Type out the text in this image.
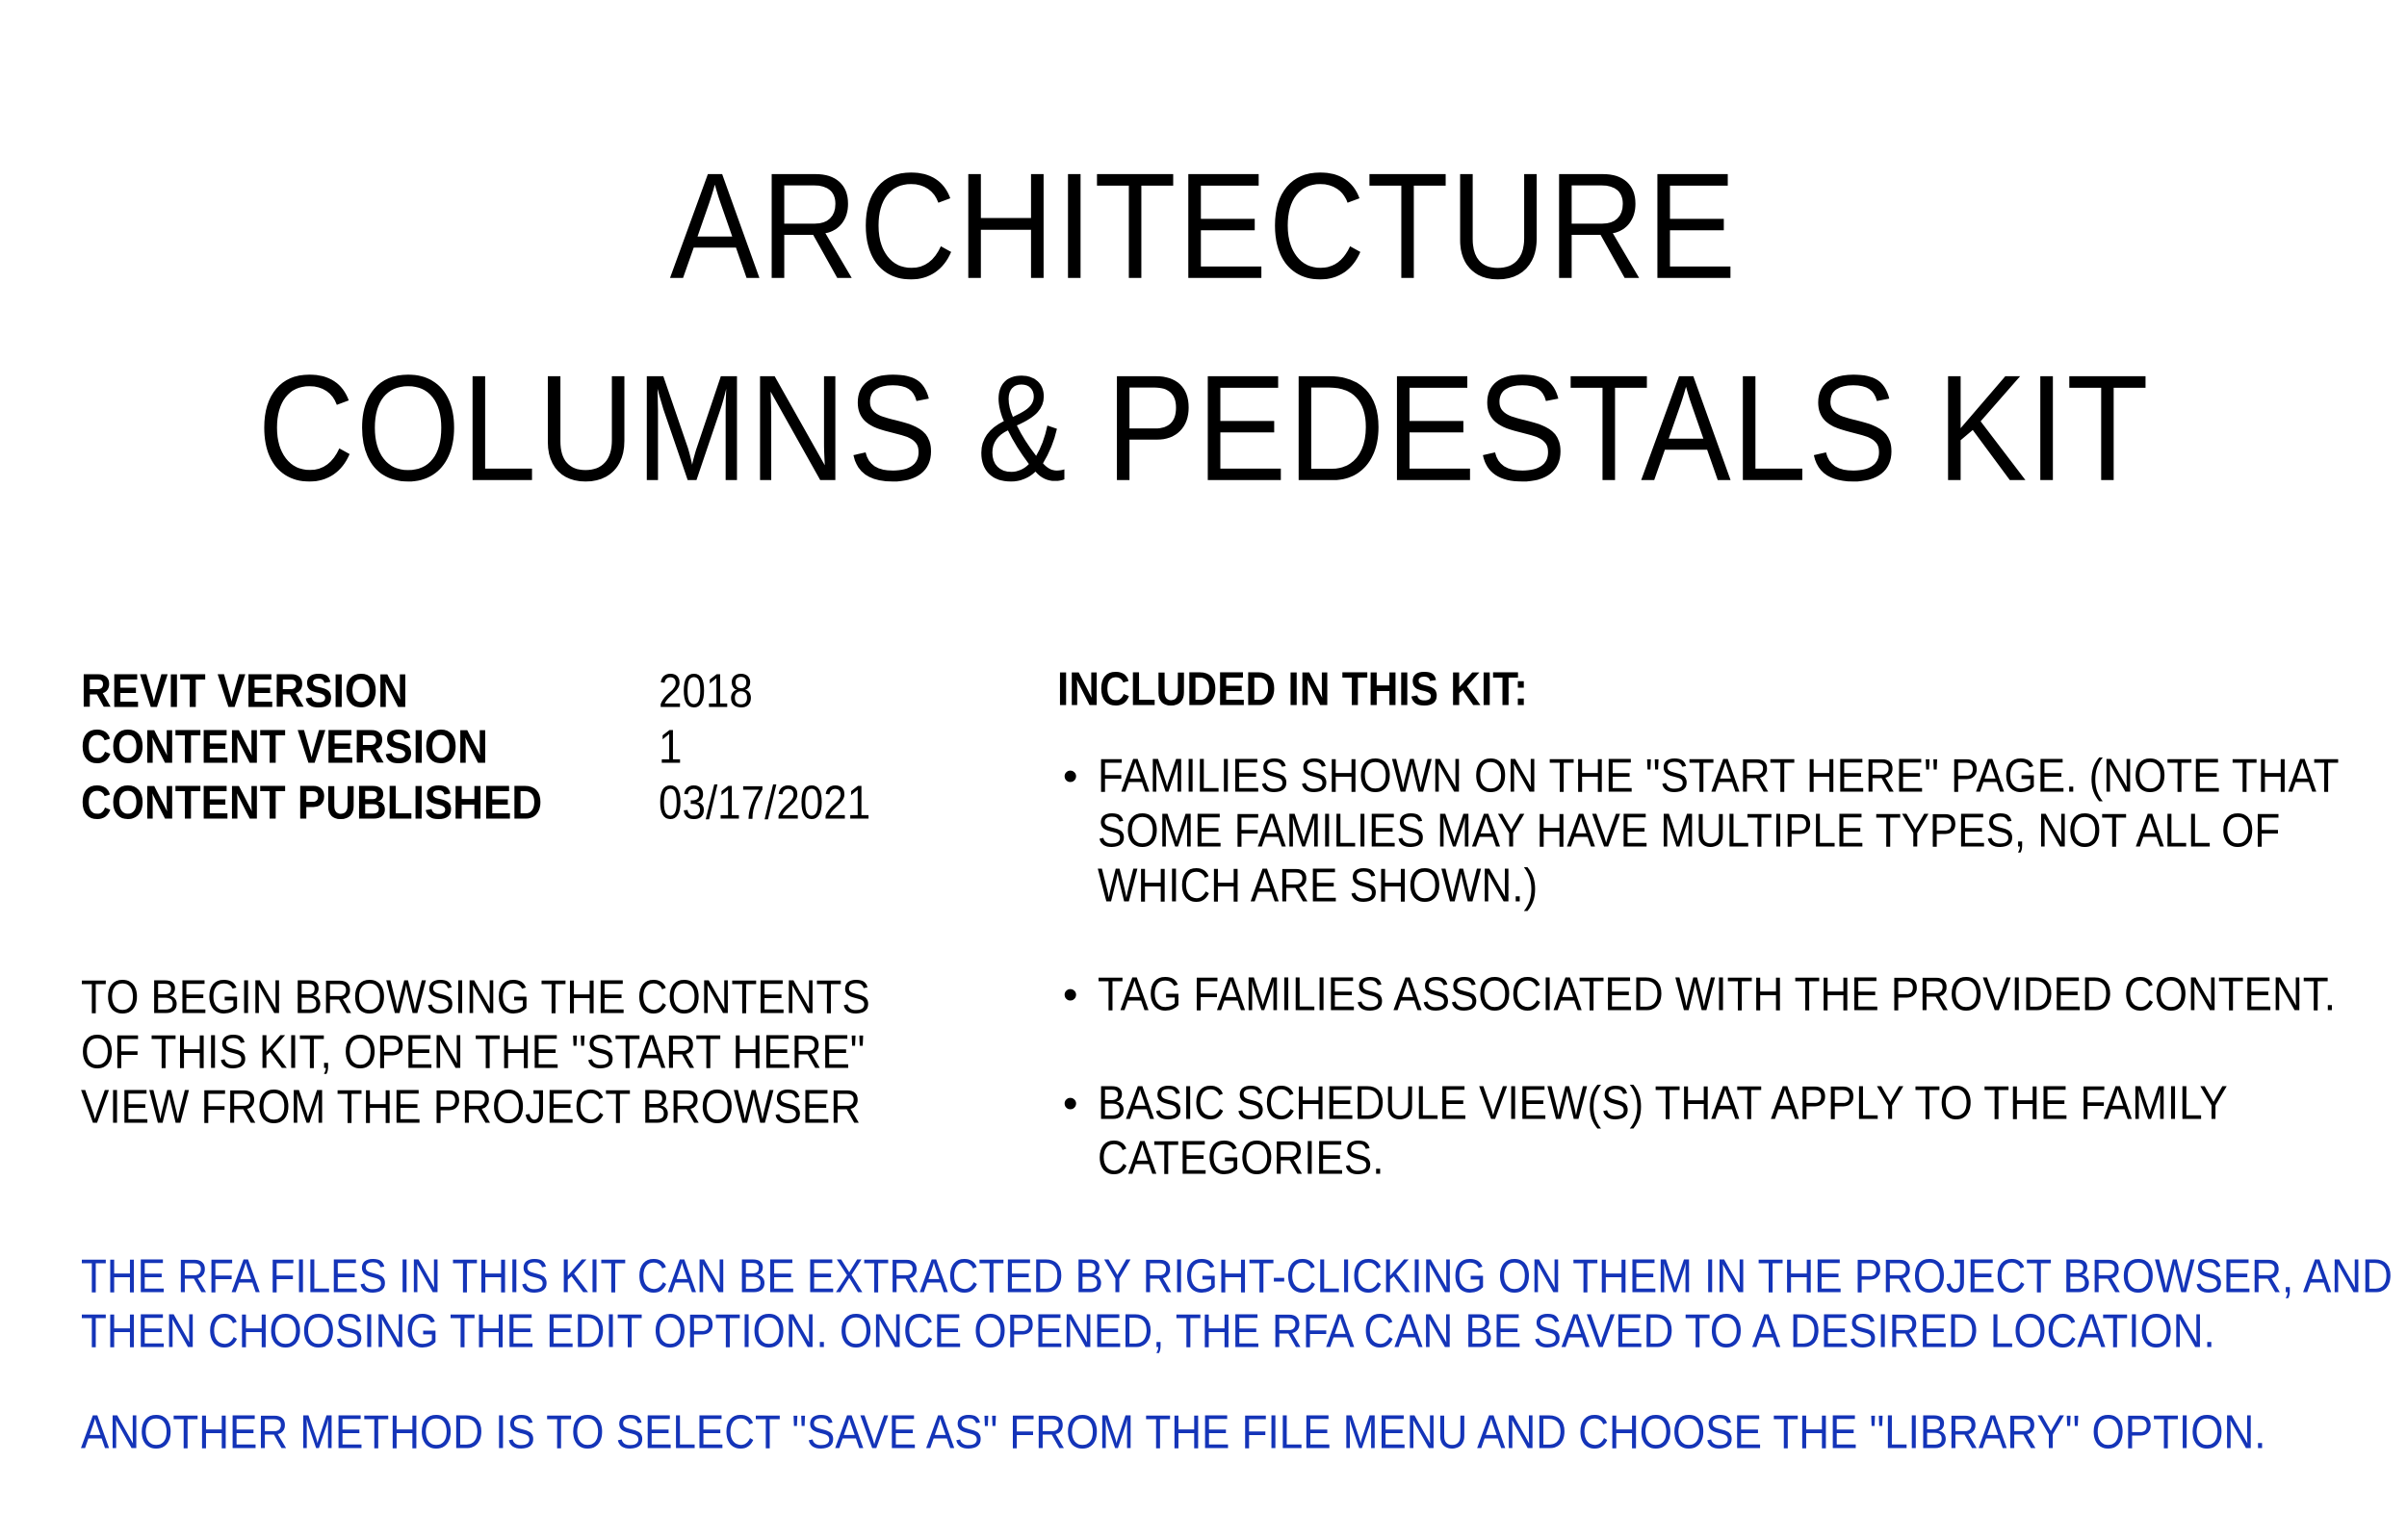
ARCHITECTURE
COLUMNS & PEDESTALS KIT
REVIT VERSION	2018
CONTENT VERSION	1
CONTENT PUBLISHED	03/17/2021
TO BEGIN BROWSING THE CONTENTS
OF THIS KIT, OPEN THE "START HERE"
VIEW FROM THE PROJECT BROWSER
INCLUDED IN THIS KIT:
• FAMILIES SHOWN ON THE "START HERE" PAGE. (NOTE THAT
SOME FAMILIES MAY HAVE MULTIPLE TYPES, NOT ALL OF
WHICH ARE SHOWN.)
• TAG FAMILIES ASSOCIATED WITH THE PROVIDED CONTENT.
• BASIC SCHEDULE VIEW(S) THAT APPLY TO THE FAMILY
CATEGORIES.
THE RFA FILES IN THIS KIT CAN BE EXTRACTED BY RIGHT-CLICKING ON THEM IN THE PROJECT BROWSER, AND
THEN CHOOSING THE EDIT OPTION. ONCE OPENED, THE RFA CAN BE SAVED TO A DESIRED LOCATION.
ANOTHER METHOD IS TO SELECT "SAVE AS" FROM THE FILE MENU AND CHOOSE THE "LIBRARY" OPTION.
